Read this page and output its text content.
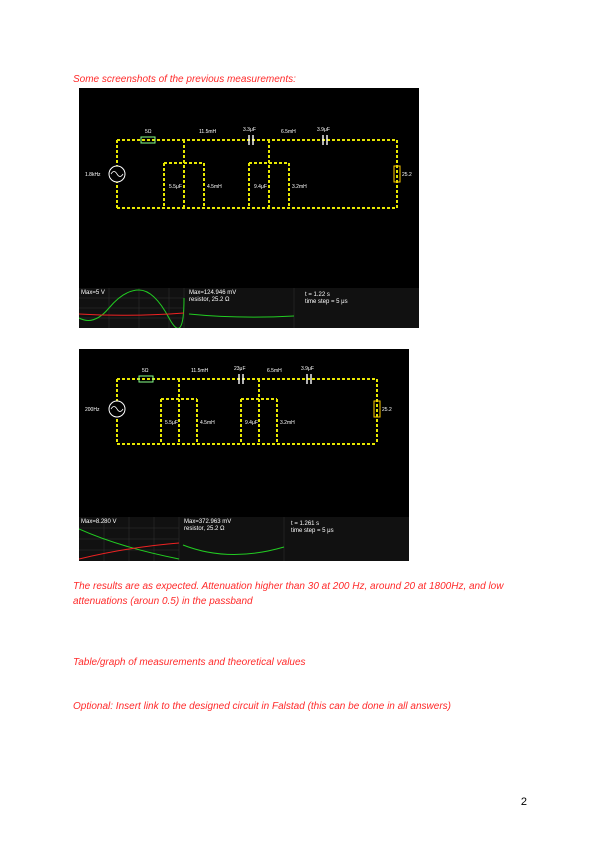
Some screenshots of the previous measurements:
5Ω	11.5mH	3.3μF	6.5mH	3.9μF
1.8kHz
5.5μF	4.5mH	9.4μF	3.2mH
25.2
Max=5 V	Max=124.946 mV
resistor, 25.2 Ω
t = 1.22 s
time step = 5 μs
5Ω	11.5mH	23μF	6.5mH	3.9μF
200Hz
5.5μF	4.5mH	9.4μF	3.2mH
25.2
Max=8.280 V	Max=372.963 mV
resistor, 25.2 Ω
t = 1.261 s
time step = 5 μs
The results are as expected. Attenuation higher than 30 at 200 Hz, around 20 at 1800Hz, and low attenuations (aroun 0.5) in the passband
Table/graph of measurements and theoretical values
Optional: Insert link to the designed circuit in Falstad (this can be done in all answers)
2
